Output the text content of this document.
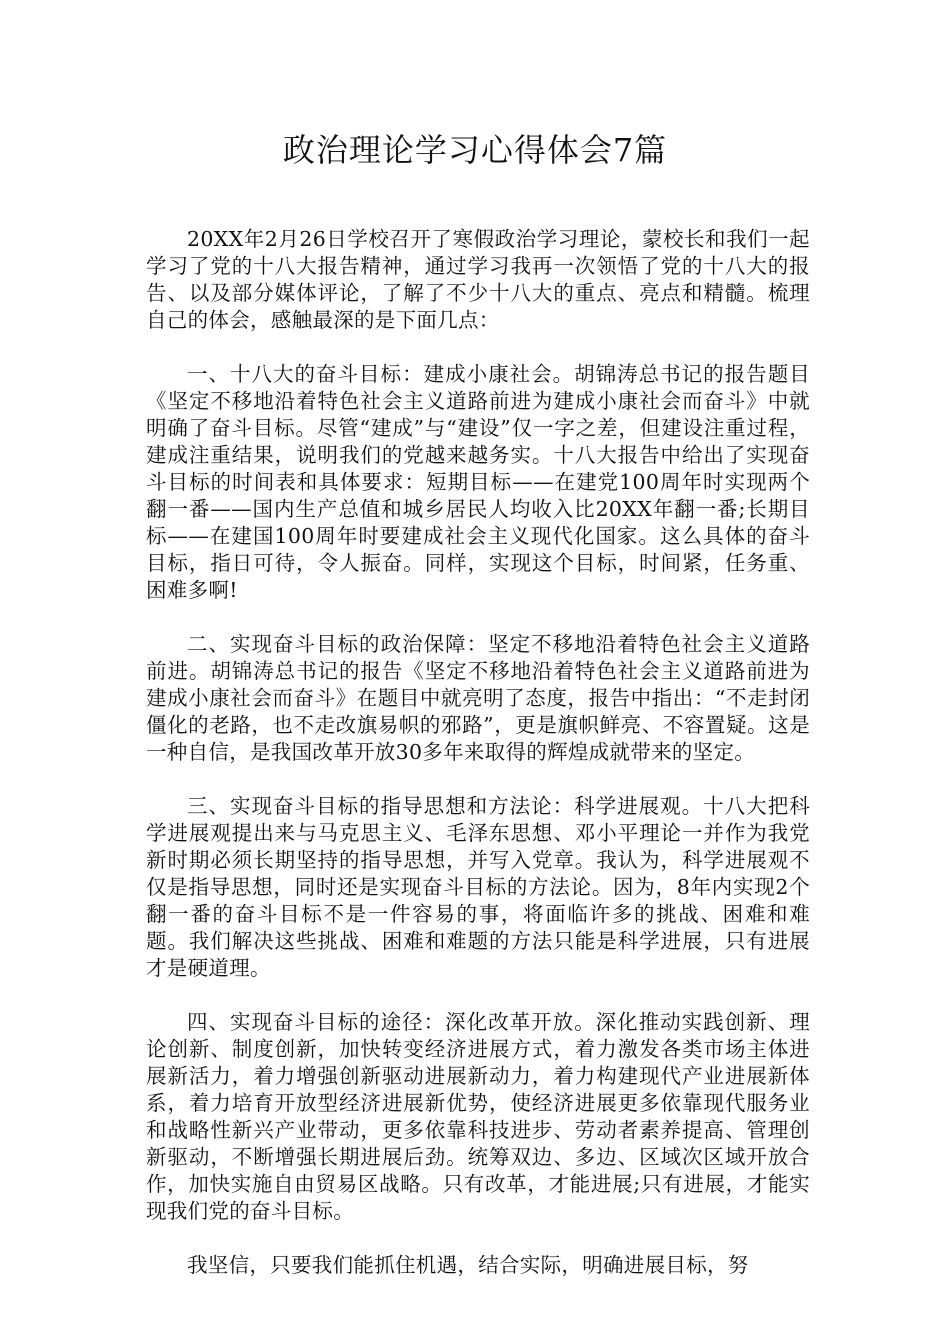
政治理论学习心得体会7篇

20XX年2月26日学校召开了寒假政治学习理论，蒙校长和我们一起学习了党的十八大报告精神，通过学习我再一次领悟了党的十八大的报告、以及部分媒体评论，了解了不少十八大的重点、亮点和精髓。梳理自己的体会，感触最深的是下面几点：

一、十八大的奋斗目标：建成小康社会。胡锦涛总书记的报告题目《坚定不移地沿着特色社会主义道路前进为建成小康社会而奋斗》中就明确了奋斗目标。尽管“建成”与“建设”仅一字之差，但建设注重过程，建成注重结果，说明我们的党越来越务实。十八大报告中给出了实现奋斗目标的时间表和具体要求：短期目标——在建党100周年时实现两个翻一番——国内生产总值和城乡居民人均收入比20XX年翻一番;长期目标——在建国100周年时要建成社会主义现代化国家。这么具体的奋斗目标，指日可待，令人振奋。同样，实现这个目标，时间紧，任务重、困难多啊!

二、实现奋斗目标的政治保障：坚定不移地沿着特色社会主义道路前进。胡锦涛总书记的报告《坚定不移地沿着特色社会主义道路前进为建成小康社会而奋斗》在题目中就亮明了态度，报告中指出：“不走封闭僵化的老路，也不走改旗易帜的邪路”，更是旗帜鲜亮、不容置疑。这是一种自信，是我国改革开放30多年来取得的辉煌成就带来的坚定。

三、实现奋斗目标的指导思想和方法论：科学进展观。十八大把科学进展观提出来与马克思主义、毛泽东思想、邓小平理论一并作为我党新时期必须长期坚持的指导思想，并写入党章。我认为，科学进展观不仅是指导思想，同时还是实现奋斗目标的方法论。因为，8年内实现2个翻一番的奋斗目标不是一件容易的事，将面临许多的挑战、困难和难题。我们解决这些挑战、困难和难题的方法只能是科学进展，只有进展才是硬道理。

四、实现奋斗目标的途径：深化改革开放。深化推动实践创新、理论创新、制度创新，加快转变经济进展方式，着力激发各类市场主体进展新活力，着力增强创新驱动进展新动力，着力构建现代产业进展新体系，着力培育开放型经济进展新优势，使经济进展更多依靠现代服务业和战略性新兴产业带动，更多依靠科技进步、劳动者素养提高、管理创新驱动，不断增强长期进展后劲。统筹双边、多边、区域次区域开放合作，加快实施自由贸易区战略。只有改革，才能进展;只有进展，才能实现我们党的奋斗目标。

我坚信，只要我们能抓住机遇，结合实际，明确进展目标，努
